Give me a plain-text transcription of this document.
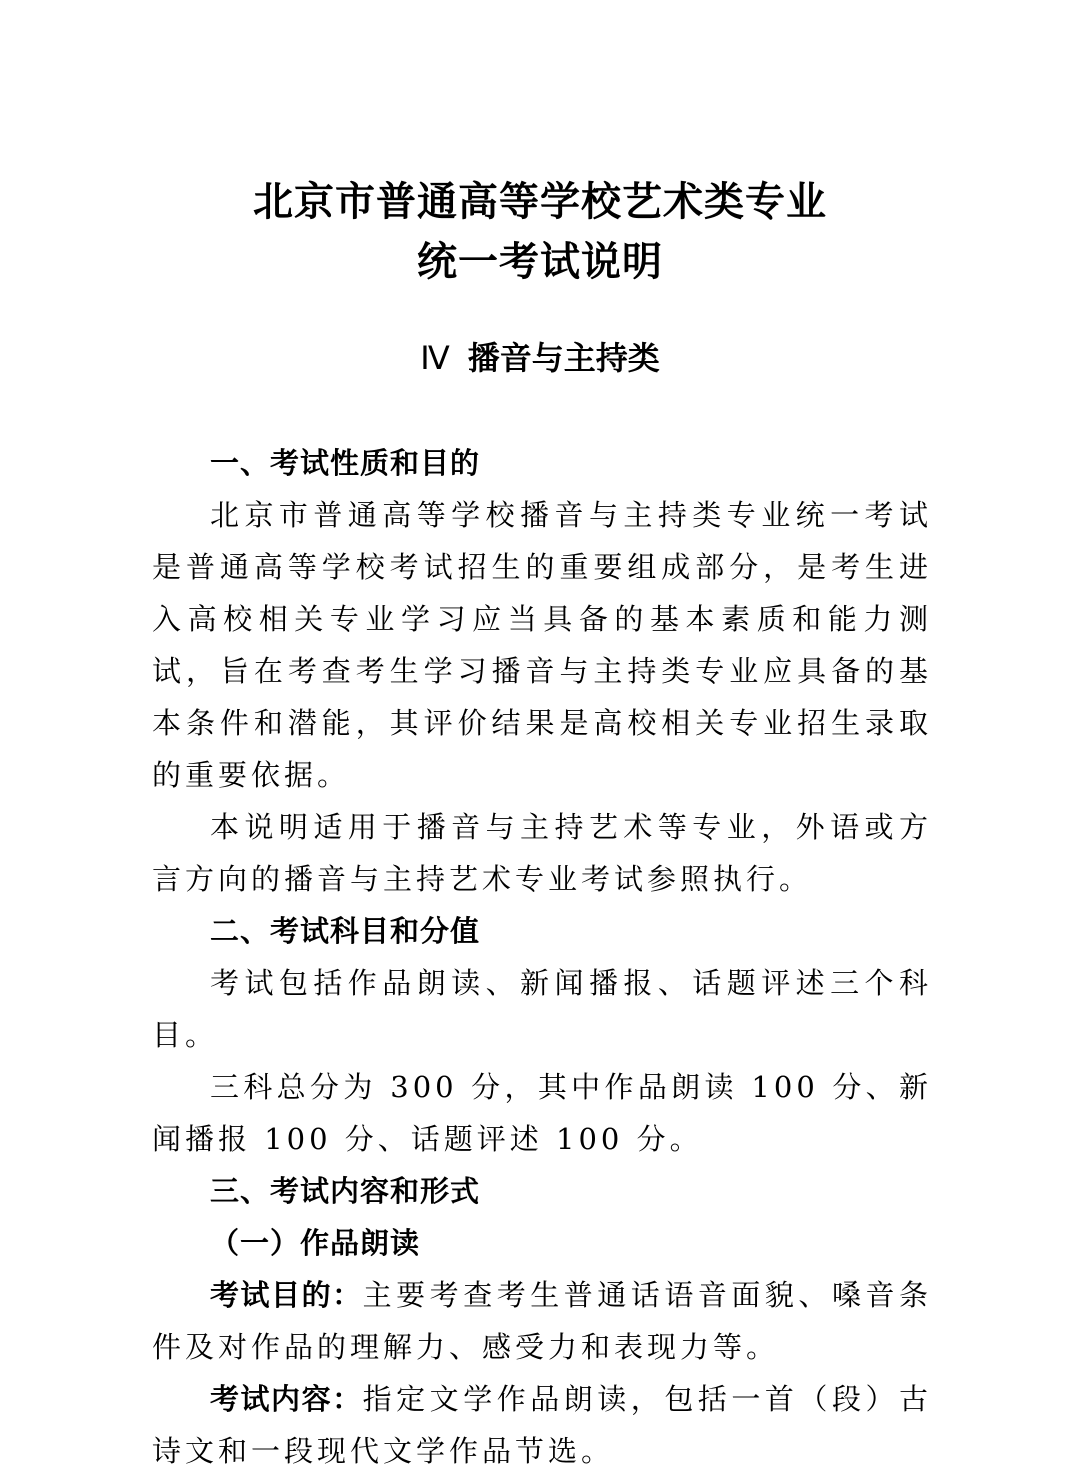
北京市普通高等学校艺术类专业
统一考试说明
Ⅳ 播音与主持类

一、考试性质和目的

北京市普通高等学校播音与主持类专业统一考试是普通高等学校考试招生的重要组成部分，是考生进入高校相关专业学习应当具备的基本素质和能力测试，旨在考查考生学习播音与主持类专业应具备的基本条件和潜能，其评价结果是高校相关专业招生录取的重要依据。

本说明适用于播音与主持艺术等专业，外语或方言方向的播音与主持艺术专业考试参照执行。

二、考试科目和分值

考试包括作品朗读、新闻播报、话题评述三个科目。

三科总分为 300 分，其中作品朗读 100 分、新闻播报 100 分、话题评述 100 分。

三、考试内容和形式

（一）作品朗读

考试目的：主要考查考生普通话语音面貌、嗓音条件及对作品的理解力、感受力和表现力等。

考试内容：指定文学作品朗读，包括一首（段）古诗文和一段现代文学作品节选。
